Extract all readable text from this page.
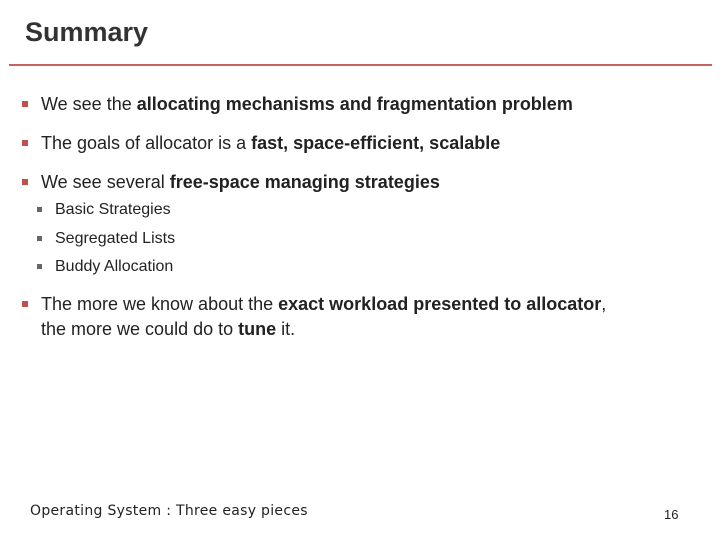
Summary
We see the allocating mechanisms and fragmentation problem
The goals of allocator is a fast, space-efficient, scalable
We see several free-space managing strategies
Basic Strategies
Segregated Lists
Buddy Allocation
The more we know about the exact workload presented to allocator,
the more we could do to tune it.
Operating System : Three easy pieces	16
